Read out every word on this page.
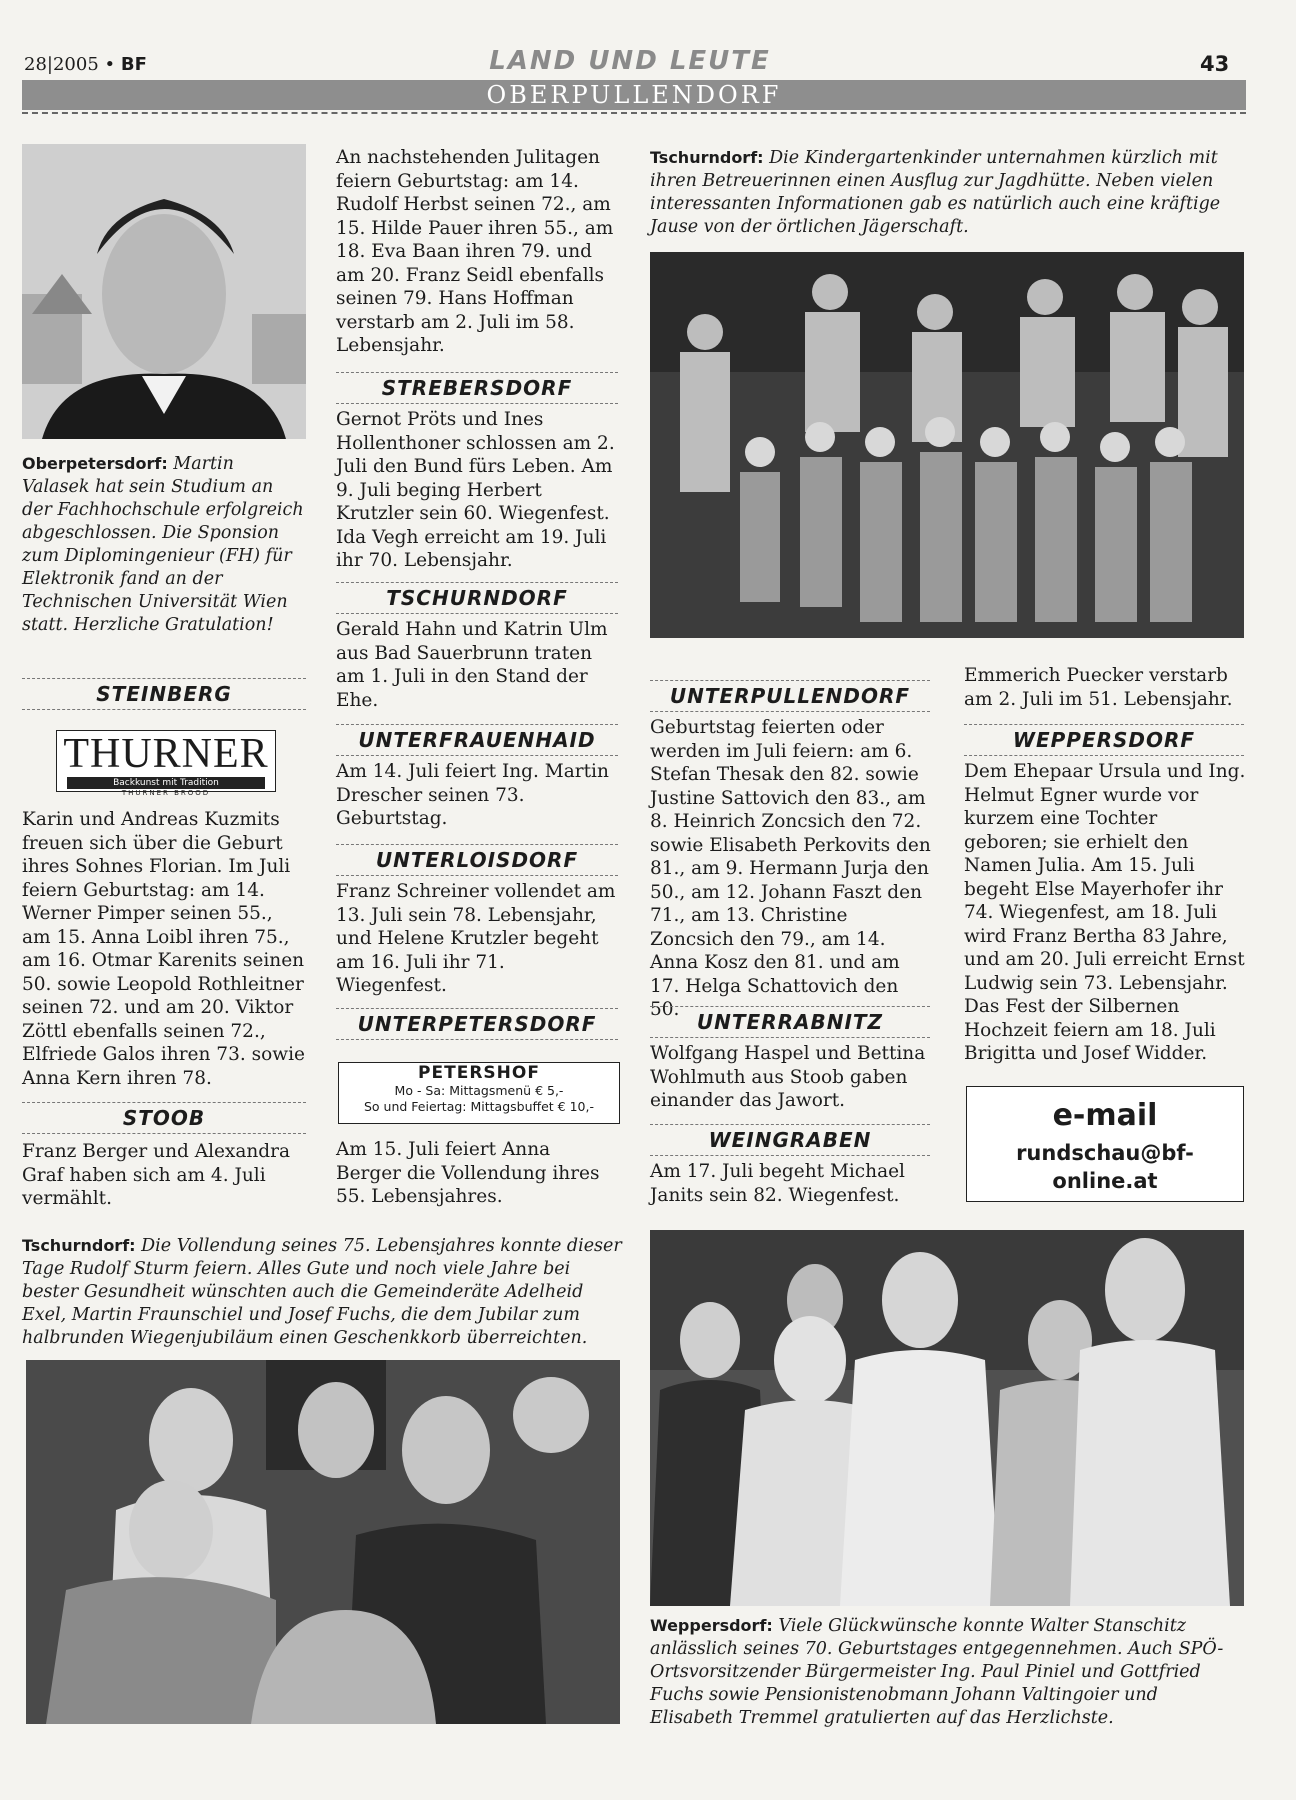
28|2005 • BF	LAND UND LEUTE	43
OBERPULLENDORF

Oberpetersdorf: Martin Valasek hat sein Studium an der Fachhochschule erfolgreich abgeschlossen. Die Sponsion zum Diplomingenieur (FH) für Elektronik fand an der Technischen Universität Wien statt. Herzliche Gratulation!

STEINBERG
THURNER
Backkunst mit Tradition
THURNER BROOD

Karin und Andreas Kuzmits freuen sich über die Geburt ihres Sohnes Florian. Im Juli feiern Geburtstag: am 14. Werner Pimper seinen 55., am 15. Anna Loibl ihren 75., am 16. Otmar Karenits seinen 50. sowie Leopold Rothleitner seinen 72. und am 20. Viktor Zöttl ebenfalls seinen 72., Elfriede Galos ihren 73. sowie Anna Kern ihren 78.

STOOB

Franz Berger und Alexandra Graf haben sich am 4. Juli vermählt.

An nachstehenden Julitagen feiern Geburtstag: am 14. Rudolf Herbst seinen 72., am 15. Hilde Pauer ihren 55., am 18. Eva Baan ihren 79. und am 20. Franz Seidl ebenfalls seinen 79. Hans Hoffman verstarb am 2. Juli im 58. Lebensjahr.

STREBERSDORF

Gernot Pröts und Ines Hollenthoner schlossen am 2. Juli den Bund fürs Leben. Am 9. Juli beging Herbert Krutzler sein 60. Wiegenfest. Ida Vegh erreicht am 19. Juli ihr 70. Lebensjahr.

TSCHURNDORF

Gerald Hahn und Katrin Ulm aus Bad Sauerbrunn traten am 1. Juli in den Stand der Ehe.

UNTERFRAUENHAID

Am 14. Juli feiert Ing. Martin Drescher seinen 73. Geburtstag.

UNTERLOISDORF

Franz Schreiner vollendet am 13. Juli sein 78. Lebensjahr, und Helene Krutzler begeht am 16. Juli ihr 71. Wiegenfest.

UNTERPETERSDORF
PETERSHOF
Mo - Sa: Mittagsmenü € 5,-
So und Feiertag: Mittagsbuffet € 10,-

Am 15. Juli feiert Anna Berger die Vollendung ihres 55. Lebensjahres.

Tschurndorf: Die Kindergartenkinder unternahmen kürzlich mit ihren Betreuerinnen einen Ausflug zur Jagdhütte. Neben vielen interessanten Informationen gab es natürlich auch eine kräftige Jause von der örtlichen Jägerschaft.

UNTERPULLENDORF

Geburtstag feierten oder werden im Juli feiern: am 6. Stefan Thesak den 82. sowie Justine Sattovich den 83., am 8. Heinrich Zoncsich den 72. sowie Elisabeth Perkovits den 81., am 9. Hermann Jurja den 50., am 12. Johann Faszt den 71., am 13. Christine Zoncsich den 79., am 14. Anna Kosz den 81. und am 17. Helga Schattovich den 50.

UNTERRABNITZ

Wolfgang Haspel und Bettina Wohlmuth aus Stoob gaben einander das Jawort.

WEINGRABEN

Am 17. Juli begeht Michael Janits sein 82. Wiegenfest.

Emmerich Puecker verstarb am 2. Juli im 51. Lebensjahr.

WEPPERSDORF

Dem Ehepaar Ursula und Ing. Helmut Egner wurde vor kurzem eine Tochter geboren; sie erhielt den Namen Julia. Am 15. Juli begeht Else Mayerhofer ihr 74. Wiegenfest, am 18. Juli wird Franz Bertha 83 Jahre, und am 20. Juli erreicht Ernst Ludwig sein 73. Lebensjahr. Das Fest der Silbernen Hochzeit feiern am 18. Juli Brigitta und Josef Widder.

e-mail
rundschau@bf-
online.at

Tschurndorf: Die Vollendung seines 75. Lebensjahres konnte dieser Tage Rudolf Sturm feiern. Alles Gute und noch viele Jahre bei bester Gesundheit wünschten auch die Gemeinderäte Adelheid Exel, Martin Fraunschiel und Josef Fuchs, die dem Jubilar zum halbrunden Wiegenjubiläum einen Geschenkkorb überreichten.

Weppersdorf: Viele Glückwünsche konnte Walter Stanschitz anlässlich seines 70. Geburtstages entgegennehmen. Auch SPÖ-Ortsvorsitzender Bürgermeister Ing. Paul Piniel und Gottfried Fuchs sowie Pensionistenobmann Johann Valtingoier und Elisabeth Tremmel gratulierten auf das Herzlichste.
